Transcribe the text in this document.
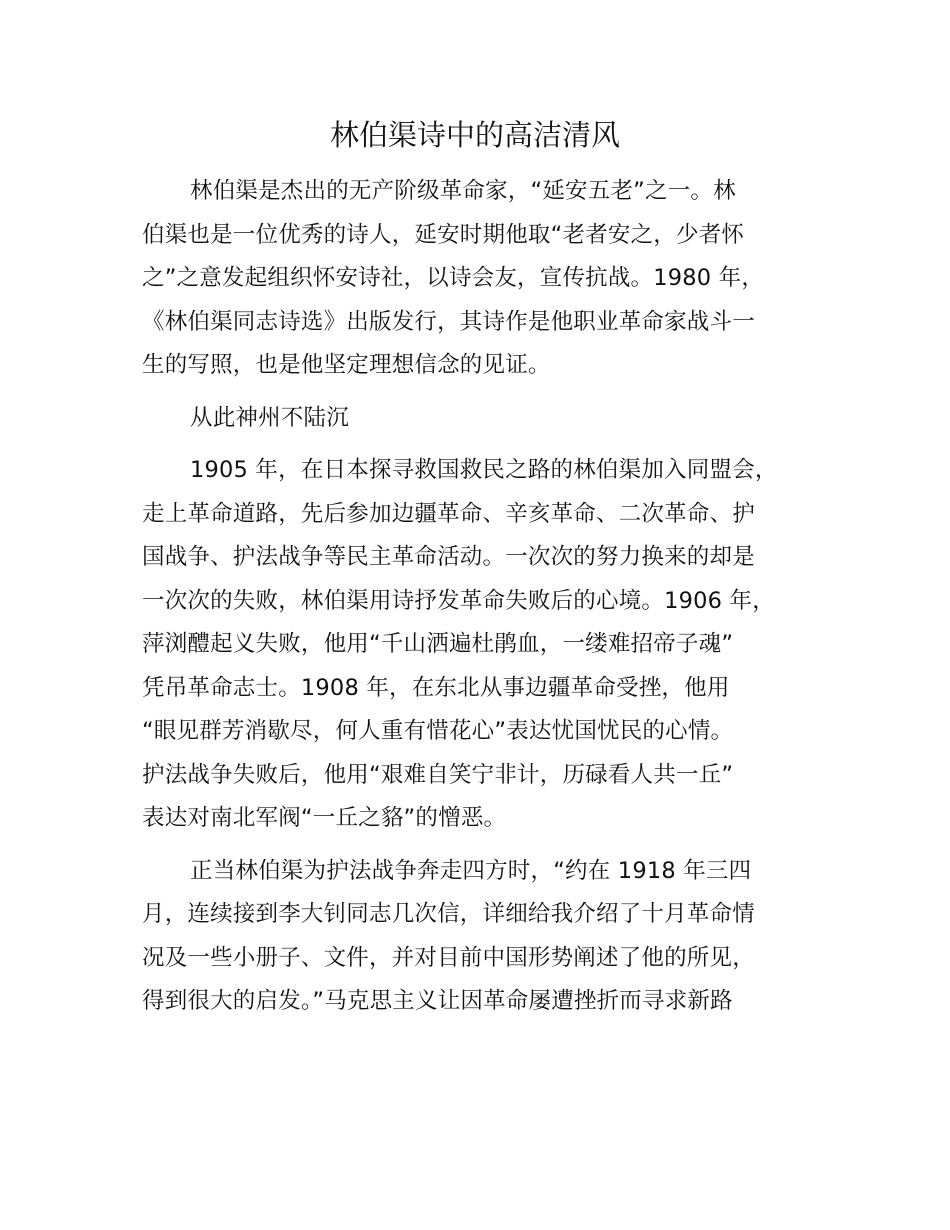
林伯渠诗中的高洁清风
林伯渠是杰出的无产阶级革命家，“延安五老”之一。林
伯渠也是一位优秀的诗人，延安时期他取“老者安之，少者怀
之”之意发起组织怀安诗社，以诗会友，宣传抗战。1980 年，
《林伯渠同志诗选》出版发行，其诗作是他职业革命家战斗一
生的写照，也是他坚定理想信念的见证。
从此神州不陆沉
1905 年，在日本探寻救国救民之路的林伯渠加入同盟会，
走上革命道路，先后参加边疆革命、辛亥革命、二次革命、护
国战争、护法战争等民主革命活动。一次次的努力换来的却是
一次次的失败，林伯渠用诗抒发革命失败后的心境。1906 年，
萍浏醴起义失败，他用“千山洒遍杜鹃血，一缕难招帝子魂”
凭吊革命志士。1908 年，在东北从事边疆革命受挫，他用
“眼见群芳消歇尽，何人重有惜花心”表达忧国忧民的心情。
护法战争失败后，他用“艰难自笑宁非计，历碌看人共一丘”
表达对南北军阀“一丘之貉”的憎恶。
正当林伯渠为护法战争奔走四方时，“约在 1918 年三四
月，连续接到李大钊同志几次信，详细给我介绍了十月革命情
况及一些小册子、文件，并对目前中国形势阐述了他的所见，
得到很大的启发。”马克思主义让因革命屡遭挫折而寻求新路
